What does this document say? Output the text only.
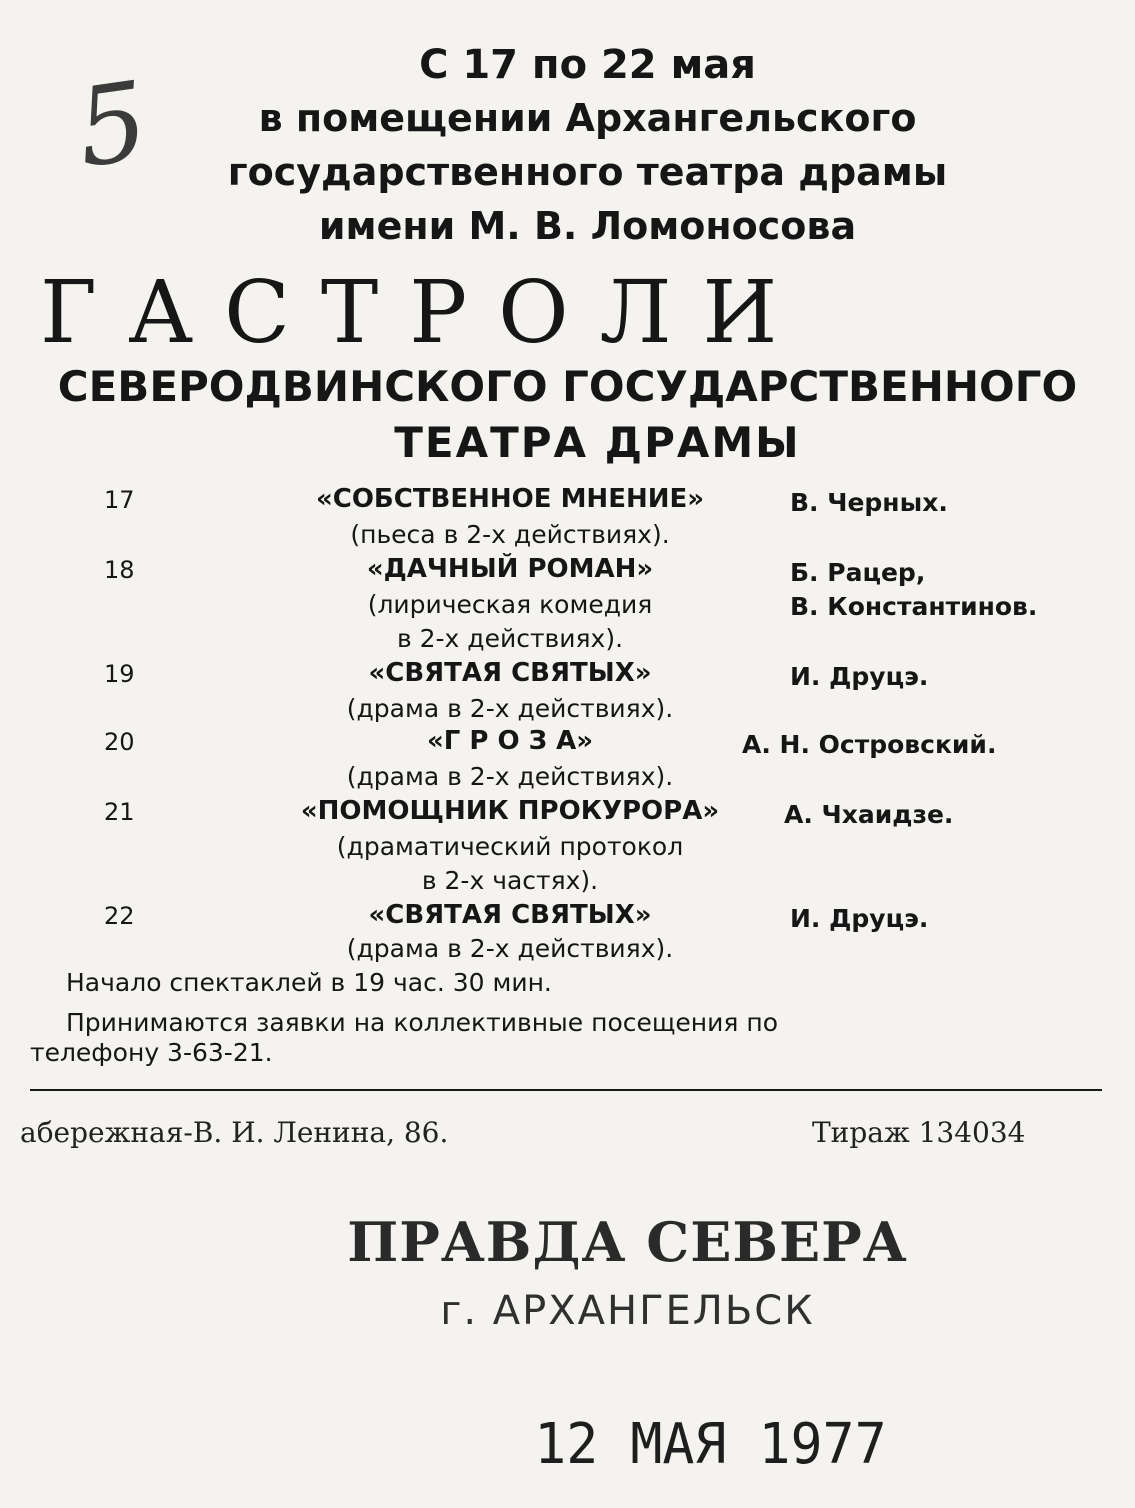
5	С 17 по 22 мая
в помещении Архангельского
государственного театра драмы
имени М. В. Ломоносова
ГАСТРОЛИ
СЕВЕРОДВИНСКОГО ГОСУДАРСТВЕННОГО
ТЕАТРА ДРАМЫ
17	«СОБСТВЕННОЕ МНЕНИЕ»	В. Черных.
(пьеса в 2-х действиях).
18	«ДАЧНЫЙ РОМАН»	Б. Рацер,
(лирическая комедия	В. Константинов.
в 2-х действиях).
19	«СВЯТАЯ СВЯТЫХ»	И. Друцэ.
(драма в 2-х действиях).
20	«Г Р О З А»	А. Н. Островский.
(драма в 2-х действиях).
21	«ПОМОЩНИК ПРОКУРОРА»	А. Чхаидзе.
(драматический протокол
в 2-х частях).
22	«СВЯТАЯ СВЯТЫХ»	И. Друцэ.
(драма в 2-х действиях).
Начало спектаклей в 19 час. 30 мин.
Принимаются заявки на коллективные посещения по
телефону 3-63-21.
абережная-В. И. Ленина, 86.	Тираж 134034
ПРАВДА СЕВЕРА
г. АРХАНГЕЛЬСК
12 МАЯ 1977
